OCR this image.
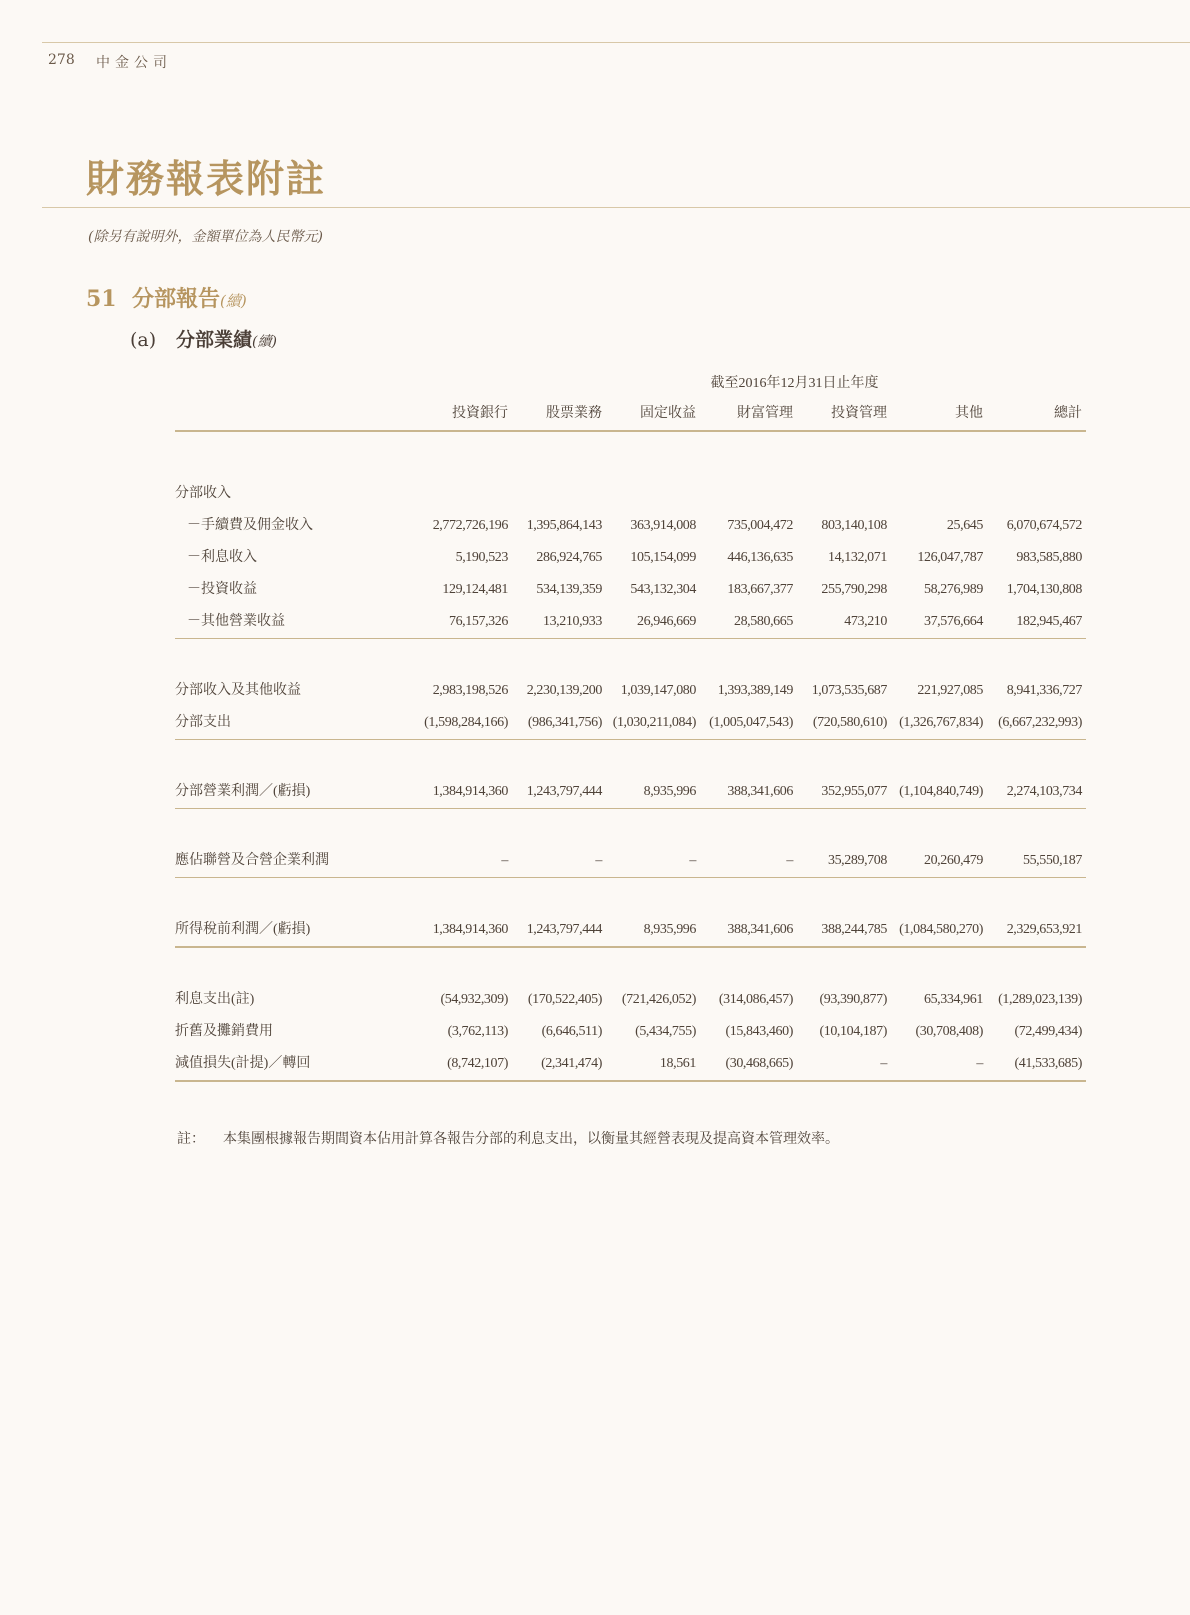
278 中金公司
財務報表附註
(除另有說明外，金額單位為人民幣元)
51 分部報告(續)
(a) 分部業績(續)
			截至2016年12月31日止年度					
	投資銀行	股票業務	固定收益	財富管理	投資管理	其他	總計	

分部收入								
－手續費及佣金收入	2,772,726,196	1,395,864,143	363,914,008	735,004,472	803,140,108	25,645	6,070,674,572	
－利息收入	5,190,523	286,924,765	105,154,099	446,136,635	14,132,071	126,047,787	983,585,880	
－投資收益	129,124,481	534,139,359	543,132,304	183,667,377	255,790,298	58,276,989	1,704,130,808	
－其他營業收益	76,157,326	13,210,933	26,946,669	28,580,665	473,210	37,576,664	182,945,467	

分部收入及其他收益	2,983,198,526	2,230,139,200	1,039,147,080	1,393,389,149	1,073,535,687	221,927,085	8,941,336,727	
分部支出	(1,598,284,166)	(986,341,756)	(1,030,211,084)	(1,005,047,543)	(720,580,610)	(1,326,767,834)	(6,667,232,993)	

分部營業利潤／(虧損)	1,384,914,360	1,243,797,444	8,935,996	388,341,606	352,955,077	(1,104,840,749)	2,274,103,734	

應佔聯營及合營企業利潤	–	–	–	–	35,289,708	20,260,479	55,550,187	

所得稅前利潤／(虧損)	1,384,914,360	1,243,797,444	8,935,996	388,341,606	388,244,785	(1,084,580,270)	2,329,653,921	

利息支出(註)	(54,932,309)	(170,522,405)	(721,426,052)	(314,086,457)	(93,390,877)	65,334,961	(1,289,023,139)	
折舊及攤銷費用	(3,762,113)	(6,646,511)	(5,434,755)	(15,843,460)	(10,104,187)	(30,708,408)	(72,499,434)	
減值損失(計提)／轉回	(8,742,107)	(2,341,474)	18,561	(30,468,665)	–	–	(41,533,685)	
註： 本集團根據報告期間資本佔用計算各報告分部的利息支出，以衡量其經營表現及提高資本管理效率。
